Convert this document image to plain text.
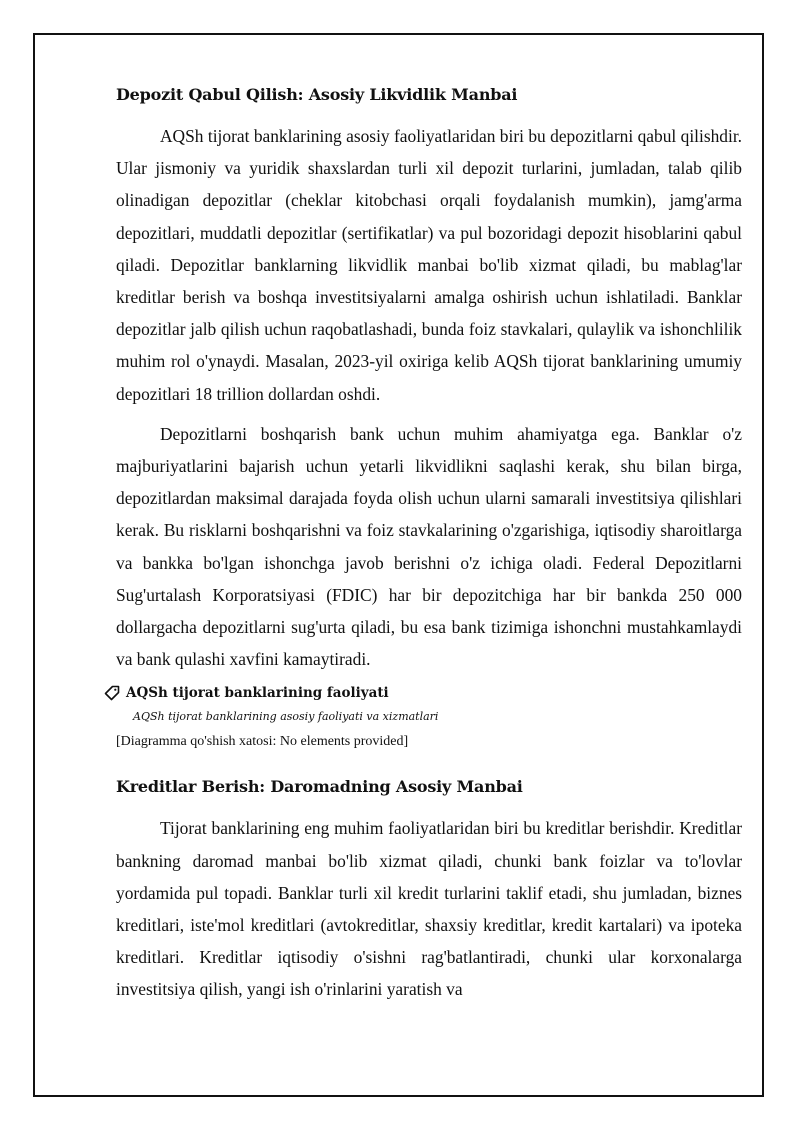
Depozit Qabul Qilish: Asosiy Likvidlik Manbai

AQSh tijorat banklarining asosiy faoliyatlaridan biri bu depozitlarni qabul qilishdir. Ular jismoniy va yuridik shaxslardan turli xil depozit turlarini, jumladan, talab qilib olinadigan depozitlar (cheklar kitobchasi orqali foydalanish mumkin), jamg'arma depozitlari, muddatli depozitlar (sertifikatlar) va pul bozoridagi depozit hisoblarini qabul qiladi. Depozitlar banklarning likvidlik manbai bo'lib xizmat qiladi, bu mablag'lar kreditlar berish va boshqa investitsiyalarni amalga oshirish uchun ishlatiladi. Banklar depozitlar jalb qilish uchun raqobatlashadi, bunda foiz stavkalari, qulaylik va ishonchlilik muhim rol o'ynaydi. Masalan, 2023-yil oxiriga kelib AQSh tijorat banklarining umumiy depozitlari 18 trillion dollardan oshdi.

Depozitlarni boshqarish bank uchun muhim ahamiyatga ega. Banklar o'z majburiyatlarini bajarish uchun yetarli likvidlikni saqlashi kerak, shu bilan birga, depozitlardan maksimal darajada foyda olish uchun ularni samarali investitsiya qilishlari kerak. Bu risklarni boshqarishni va foiz stavkalarining o'zgarishiga, iqtisodiy sharoitlarga va bankka bo'lgan ishonchga javob berishni o'z ichiga oladi. Federal Depozitlarni Sug'urtalash Korporatsiyasi (FDIC) har bir depozitchiga har bir bankda 250 000 dollargacha depozitlarni sug'urta qiladi, bu esa bank tizimiga ishonchni mustahkamlaydi va bank qulashi xavfini kamaytiradi.

AQSh tijorat banklarining faoliyati
AQSh tijorat banklarining asosiy faoliyati va xizmatlari
[Diagramma qo'shish xatosi: No elements provided]
Kreditlar Berish: Daromadning Asosiy Manbai

Tijorat banklarining eng muhim faoliyatlaridan biri bu kreditlar berishdir. Kreditlar bankning daromad manbai bo'lib xizmat qiladi, chunki bank foizlar va to'lovlar yordamida pul topadi. Banklar turli xil kredit turlarini taklif etadi, shu jumladan, biznes kreditlari, iste'mol kreditlari (avtokreditlar, shaxsiy kreditlar, kredit kartalari) va ipoteka kreditlari. Kreditlar iqtisodiy o'sishni rag'batlantiradi, chunki ular korxonalarga investitsiya qilish, yangi ish o'rinlarini yaratish va
